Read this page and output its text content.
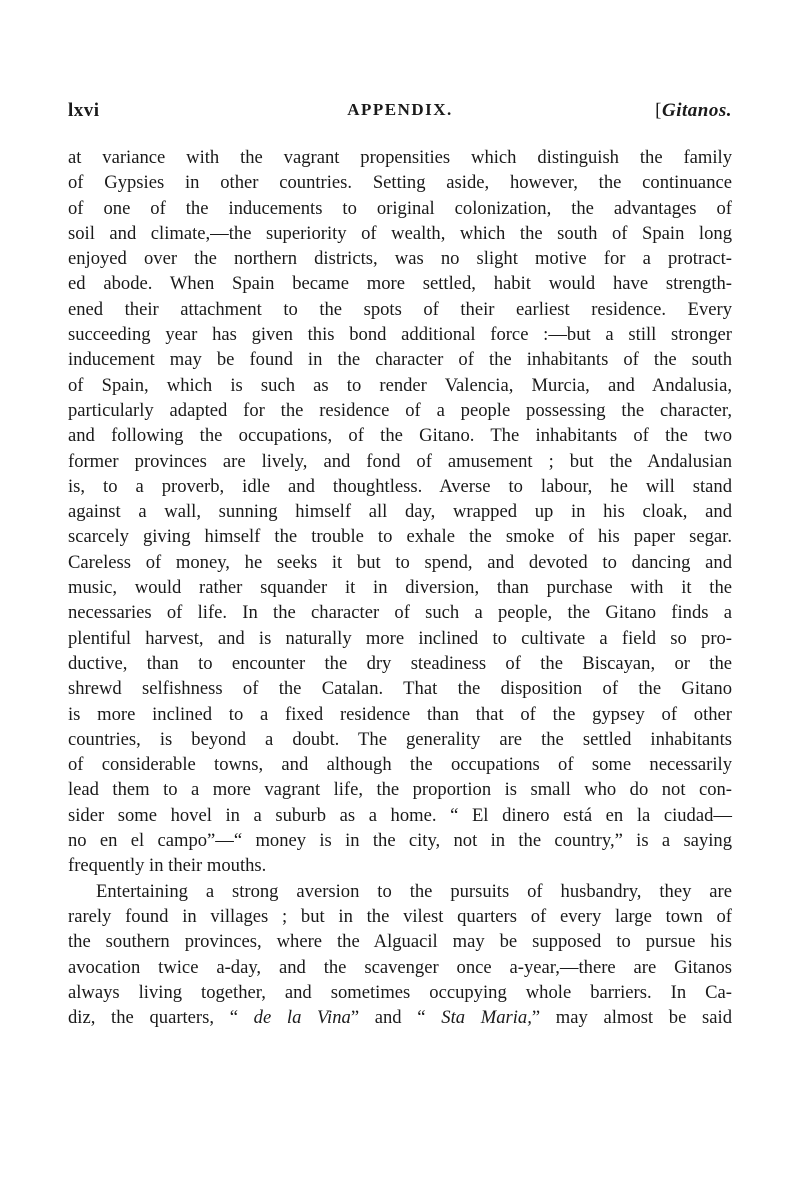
lxvi	APPENDIX.	[Gitanos.
at variance with the vagrant propensities which distinguish the family
of Gypsies in other countries. Setting aside, however, the continuance
of one of the inducements to original colonization, the advantages of
soil and climate,—the superiority of wealth, which the south of Spain long
enjoyed over the northern districts, was no slight motive for a protract-
ed abode. When Spain became more settled, habit would have strength-
ened their attachment to the spots of their earliest residence. Every
succeeding year has given this bond additional force :—but a still stronger
inducement may be found in the character of the inhabitants of the south
of Spain, which is such as to render Valencia, Murcia, and Andalusia,
particularly adapted for the residence of a people possessing the character,
and following the occupations, of the Gitano. The inhabitants of the two
former provinces are lively, and fond of amusement ; but the Andalusian
is, to a proverb, idle and thoughtless. Averse to labour, he will stand
against a wall, sunning himself all day, wrapped up in his cloak, and
scarcely giving himself the trouble to exhale the smoke of his paper segar.
Careless of money, he seeks it but to spend, and devoted to dancing and
music, would rather squander it in diversion, than purchase with it the
necessaries of life. In the character of such a people, the Gitano finds a
plentiful harvest, and is naturally more inclined to cultivate a field so pro-
ductive, than to encounter the dry steadiness of the Biscayan, or the
shrewd selfishness of the Catalan. That the disposition of the Gitano
is more inclined to a fixed residence than that of the gypsey of other
countries, is beyond a doubt. The generality are the settled inhabitants
of considerable towns, and although the occupations of some necessarily
lead them to a more vagrant life, the proportion is small who do not con-
sider some hovel in a suburb as a home. “ El dinero está en la ciudad—
no en el campo”—“ money is in the city, not in the country,” is a saying
frequently in their mouths.
Entertaining a strong aversion to the pursuits of husbandry, they are
rarely found in villages ; but in the vilest quarters of every large town of
the southern provinces, where the Alguacil may be supposed to pursue his
avocation twice a-day, and the scavenger once a-year,—there are Gitanos
always living together, and sometimes occupying whole barriers. In Ca-
diz, the quarters, “ de la Vina” and “ Sta Maria,” may almost be said
